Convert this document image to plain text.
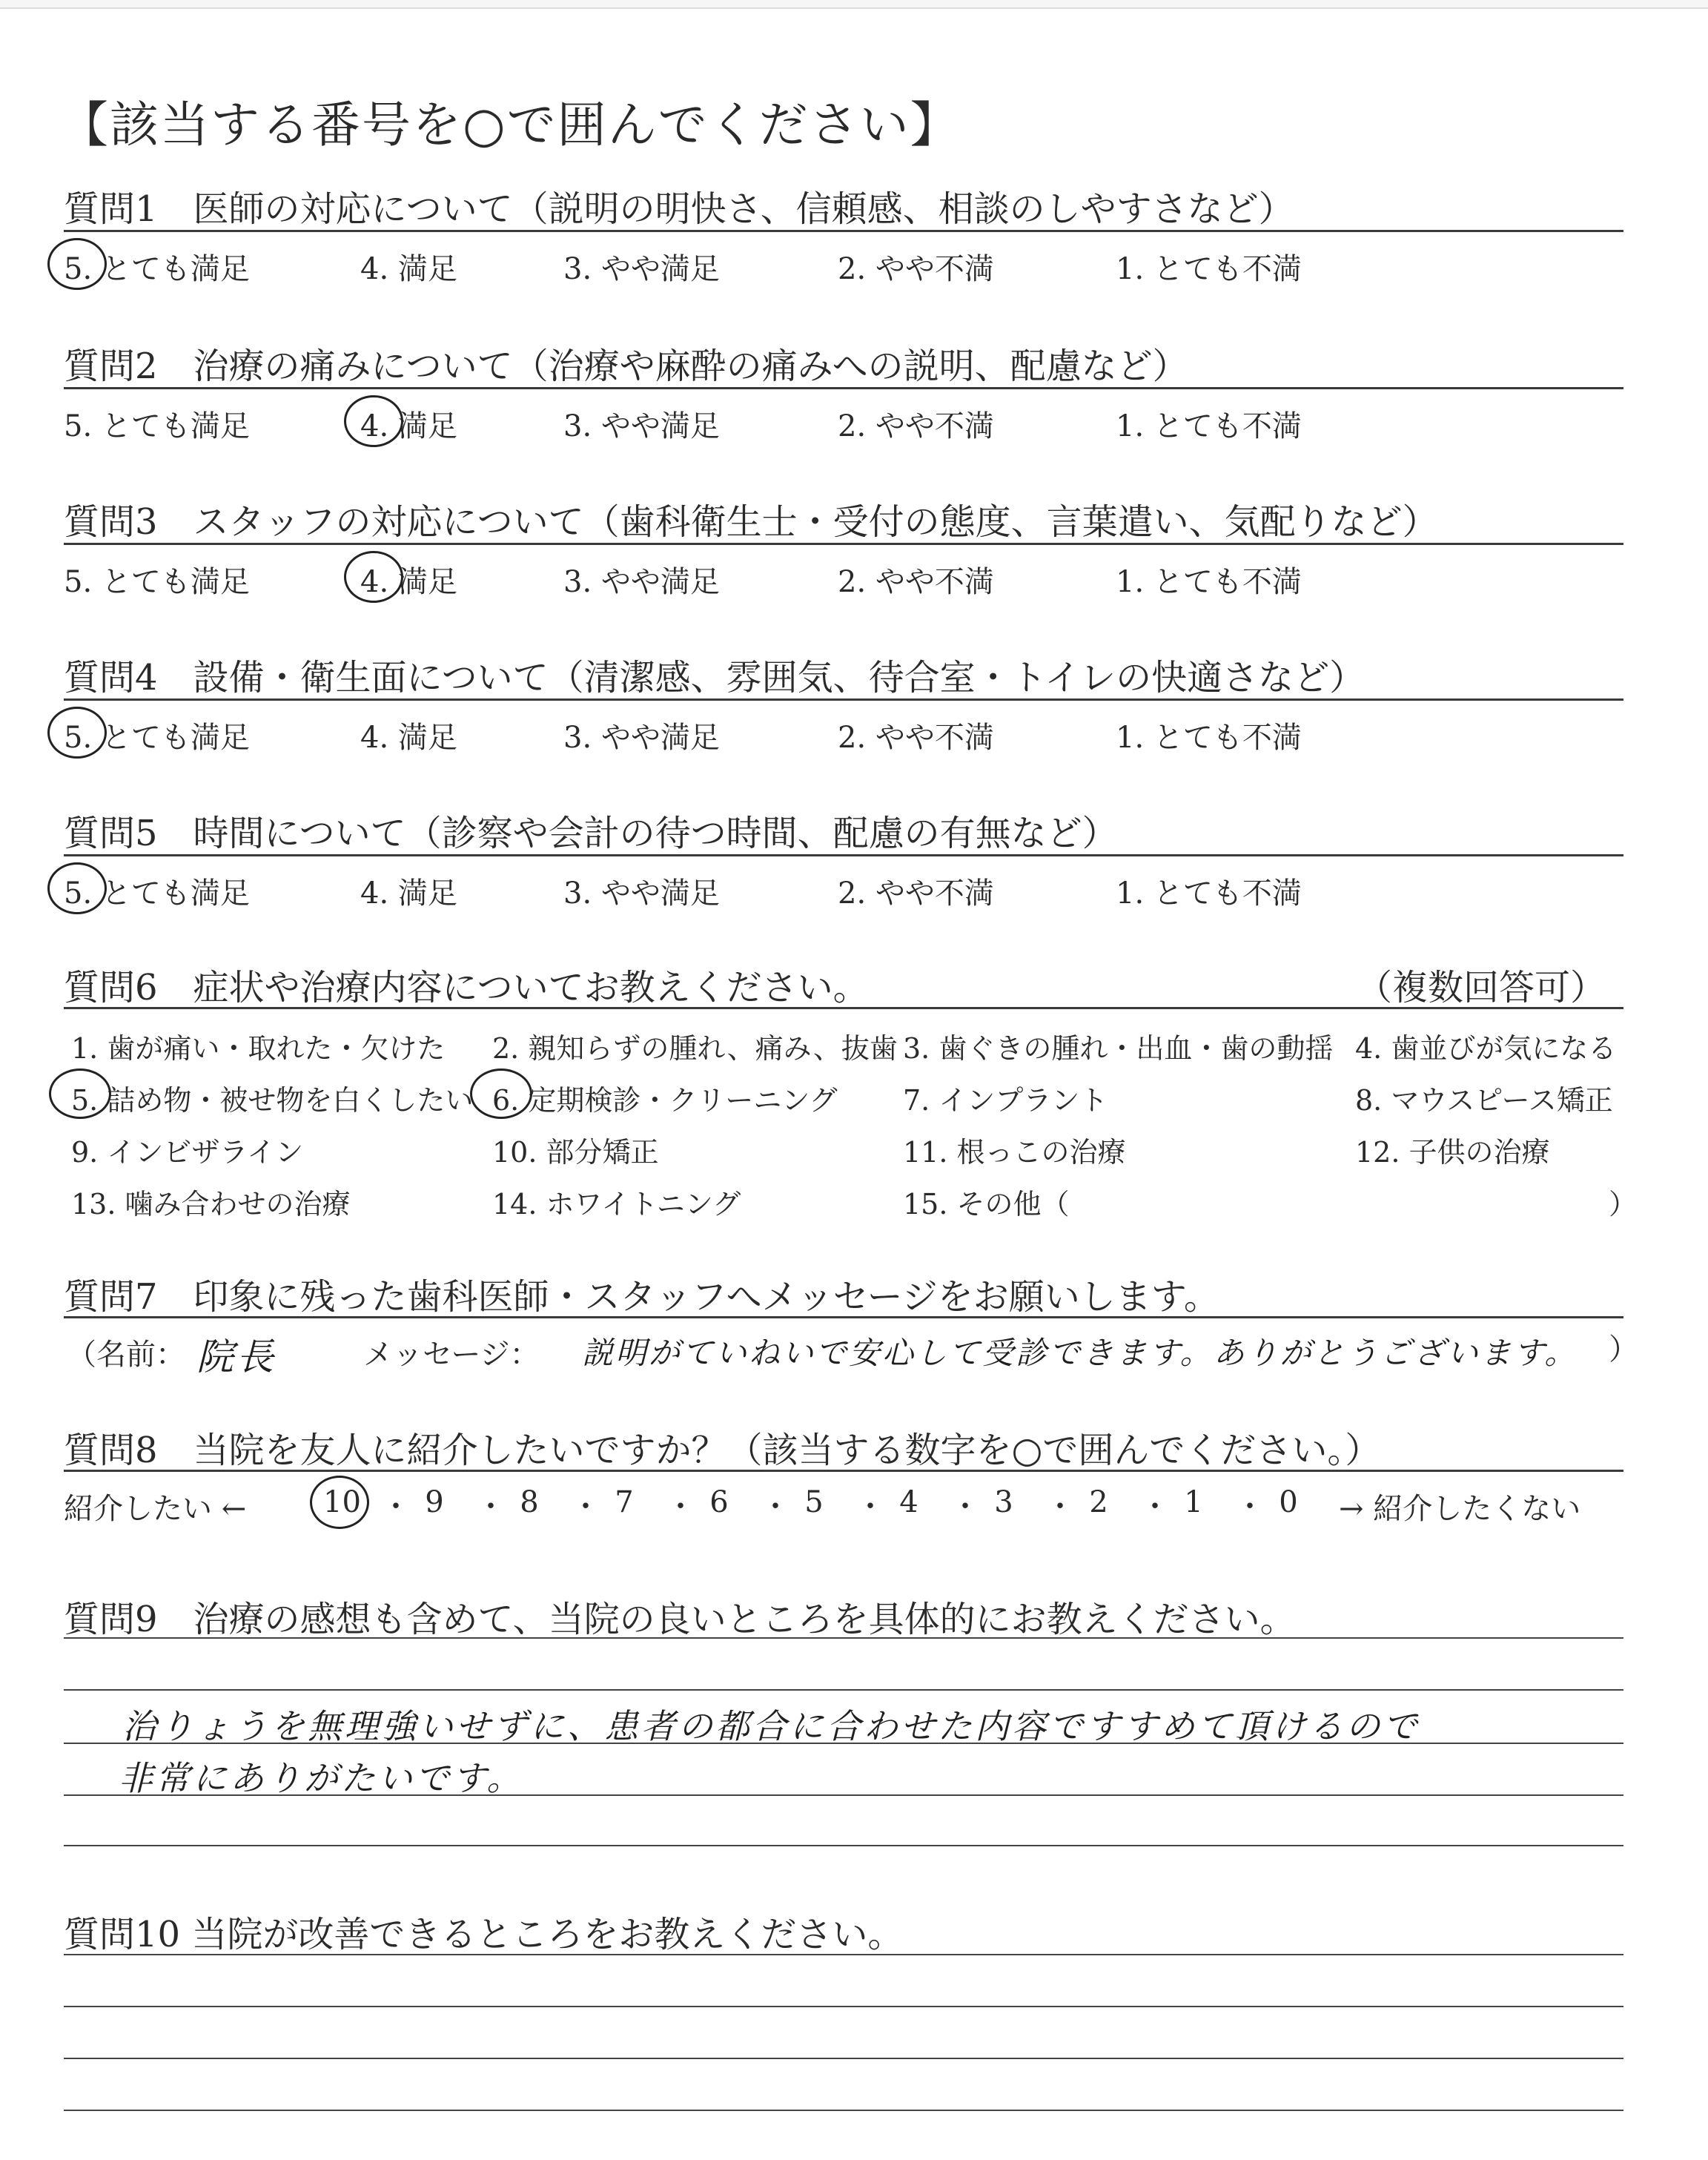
【該当する番号を○で囲んでください】
質問1　医師の対応について（説明の明快さ、信頼感、相談のしやすさなど）
5. とても満足	4. 満足	3. やや満足	2. やや不満	1. とても不満
質問2　治療の痛みについて（治療や麻酔の痛みへの説明、配慮など）
5. とても満足	4. 満足	3. やや満足	2. やや不満	1. とても不満
質問3　スタッフの対応について（歯科衛生士・受付の態度、言葉遣い、気配りなど）
5. とても満足	4. 満足	3. やや満足	2. やや不満	1. とても不満
質問4　設備・衛生面について（清潔感、雰囲気、待合室・トイレの快適さなど）
5. とても満足	4. 満足	3. やや満足	2. やや不満	1. とても不満
質問5　時間について（診察や会計の待つ時間、配慮の有無など）
5. とても満足	4. 満足	3. やや満足	2. やや不満	1. とても不満
質問6　症状や治療内容についてお教えください。	（複数回答可）
1. 歯が痛い・取れた・欠けた 2. 親知らずの腫れ、痛み、抜歯 3. 歯ぐきの腫れ・出血・歯の動揺 4. 歯並びが気になる
5. 詰め物・被せ物を白くしたい 6. 定期検診・クリーニング 7. インプラント	8. マウスピース矯正
9. インビザライン	10. 部分矯正	11. 根っこの治療	12. 子供の治療
13. 噛み合わせの治療	14. ホワイトニング	15. その他（	）
質問7　印象に残った歯科医師・スタッフへメッセージをお願いします。
（名前： 院長	メッセージ： 説明がていねいで安心して受診できます。ありがとうございます。 ）
質問8　当院を友人に紹介したいですか？（該当する数字を○で囲んでください。）
紹介したい ←	→ 紹介したくない
10 ・ 9 ・ 8 ・ 7 ・ 6 ・ 5 ・ 4 ・ 3 ・ 2 ・ 1 ・ 0
質問9　治療の感想も含めて、当院の良いところを具体的にお教えください。
治りょうを無理強いせずに、患者の都合に合わせた内容ですすめて頂けるので
非常にありがたいです。
質問10 当院が改善できるところをお教えください。
